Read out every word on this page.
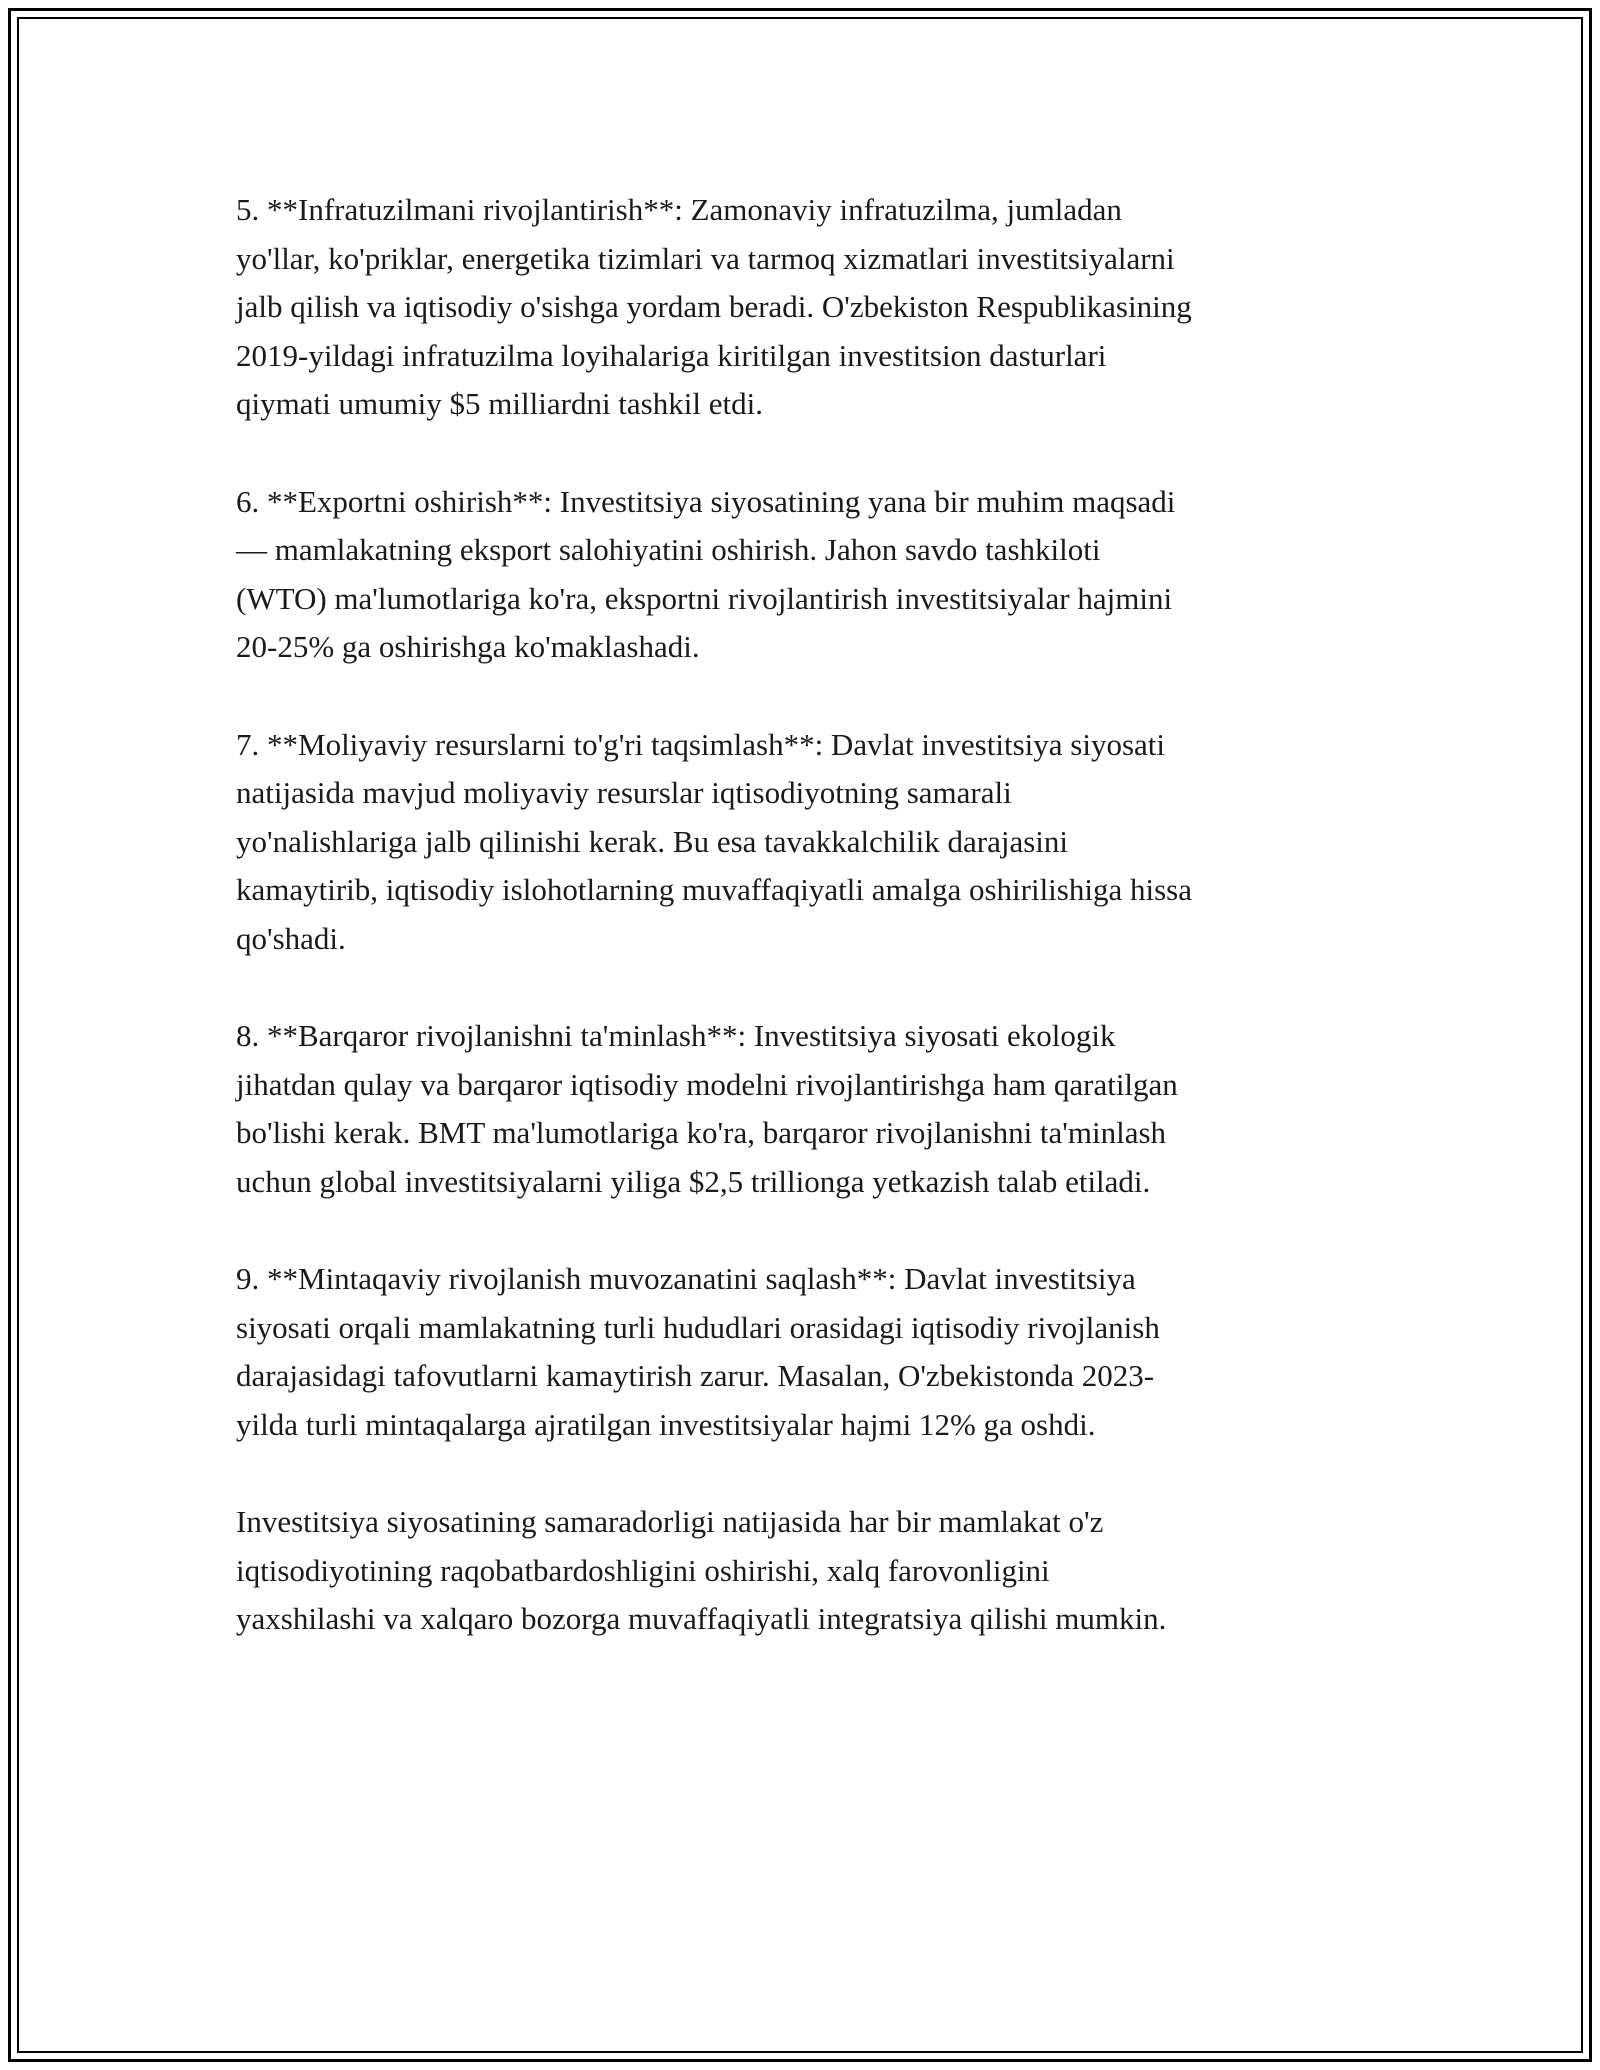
5. **Infratuzilmani rivojlantirish**: Zamonaviy infratuzilma, jumladan
yo'llar, ko'priklar, energetika tizimlari va tarmoq xizmatlari investitsiyalarni
jalb qilish va iqtisodiy o'sishga yordam beradi. O'zbekiston Respublikasining
2019-yildagi infratuzilma loyihalariga kiritilgan investitsion dasturlari
qiymati umumiy $5 milliardni tashkil etdi.

6. **Exportni oshirish**: Investitsiya siyosatining yana bir muhim maqsadi
— mamlakatning eksport salohiyatini oshirish. Jahon savdo tashkiloti
(WTO) ma'lumotlariga ko'ra, eksportni rivojlantirish investitsiyalar hajmini
20-25% ga oshirishga ko'maklashadi.

7. **Moliyaviy resurslarni to'g'ri taqsimlash**: Davlat investitsiya siyosati
natijasida mavjud moliyaviy resurslar iqtisodiyotning samarali
yo'nalishlariga jalb qilinishi kerak. Bu esa tavakkalchilik darajasini
kamaytirib, iqtisodiy islohotlarning muvaffaqiyatli amalga oshirilishiga hissa
qo'shadi.

8. **Barqaror rivojlanishni ta'minlash**: Investitsiya siyosati ekologik
jihatdan qulay va barqaror iqtisodiy modelni rivojlantirishga ham qaratilgan
bo'lishi kerak. BMT ma'lumotlariga ko'ra, barqaror rivojlanishni ta'minlash
uchun global investitsiyalarni yiliga $2,5 trillionga yetkazish talab etiladi.

9. **Mintaqaviy rivojlanish muvozanatini saqlash**: Davlat investitsiya
siyosati orqali mamlakatning turli hududlari orasidagi iqtisodiy rivojlanish
darajasidagi tafovutlarni kamaytirish zarur. Masalan, O'zbekistonda 2023-
yilda turli mintaqalarga ajratilgan investitsiyalar hajmi 12% ga oshdi.

Investitsiya siyosatining samaradorligi natijasida har bir mamlakat o'z
iqtisodiyotining raqobatbardoshligini oshirishi, xalq farovonligini
yaxshilashi va xalqaro bozorga muvaffaqiyatli integratsiya qilishi mumkin.
